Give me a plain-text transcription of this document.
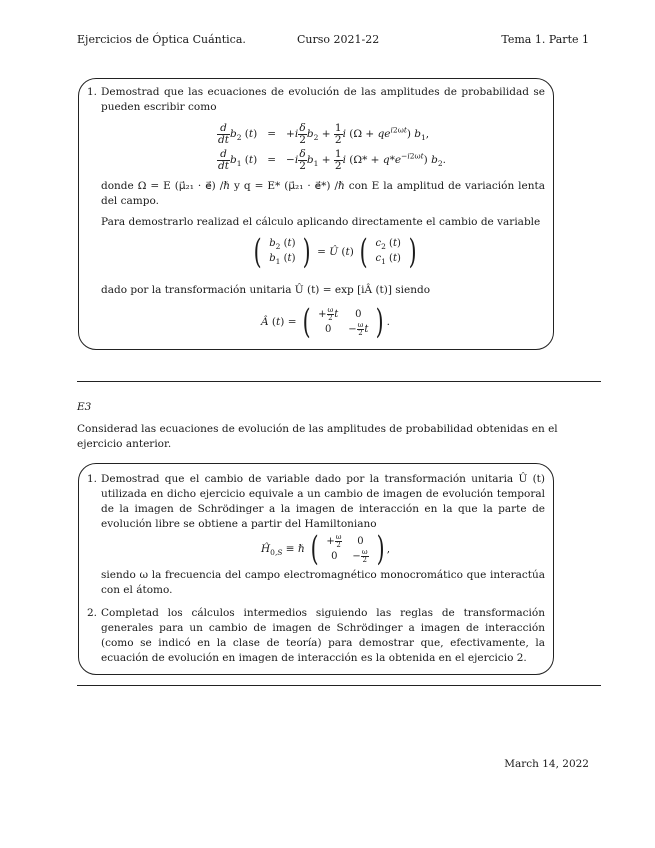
Ejercicios de Óptica Cuántica.	Curso 2021-22	Tema 1. Parte 1
1. Demostrad que las ecuaciones de evolución de las amplitudes de probabilidad se pueden escribir como
$\frac{d}{dt} b_2$ $(t) = +i \frac{\delta}{2} b_2 + \frac{1}{2}$ i $(\Omega + qe^{i2\omega t})$ $b_1$,
$\frac{d}{dt} b_1$ $(t) = -i \frac{\delta}{2} b_1 + \frac{1}{2}$ i $(\Omega* + q*e^{-i2\omega t})$ $b_2$.
donde Ω = E (μ⃗₂₁ · e⃗) /ℏ y q = E* (μ⃗₂₁ · e⃗*) /ℏ con E la amplitud de variación lenta del campo.
Para demostrarlo realizad el cálculo aplicando directamente el cambio de variable
( $b_2$ (t)
$b_1$ (t) ) = Û (t) ( $c_2$ (t)
$c_1$ (t) )
dado por la transformación unitaria Û (t) = exp [iÂ (t)] siendo
Â (t) = ( + $\frac{\omega}{2}$ t	0
0	− $\frac{\omega}{2}$ t ) .
E3
Considerad las ecuaciones de evolución de las amplitudes de probabilidad obtenidas en el ejercicio anterior.
1. Demostrad que el cambio de variable dado por la transformación unitaria Û (t) utilizada en dicho ejercicio equivale a un cambio de imagen de evolución temporal de la imagen de Schrödinger a la imagen de interacción en la que la parte de evolución libre se obtiene a partir del Hamiltoniano
$Ĥ_{0,S}$ ≡ ℏ ( + $\frac{\omega}{2}$	0
0	− $\frac{\omega}{2}$ ) ,
siendo ω la frecuencia del campo electromagnético monocromático que interactúa con el átomo.
2. Completad los cálculos intermedios siguiendo las reglas de transformación generales para un cambio de imagen de Schrödinger a imagen de interacción (como se indicó en la clase de teoría) para demostrar que, efectivamente, la ecuación de evolución en imagen de interacción es la obtenida en el ejercicio 2.
March 14, 2022
